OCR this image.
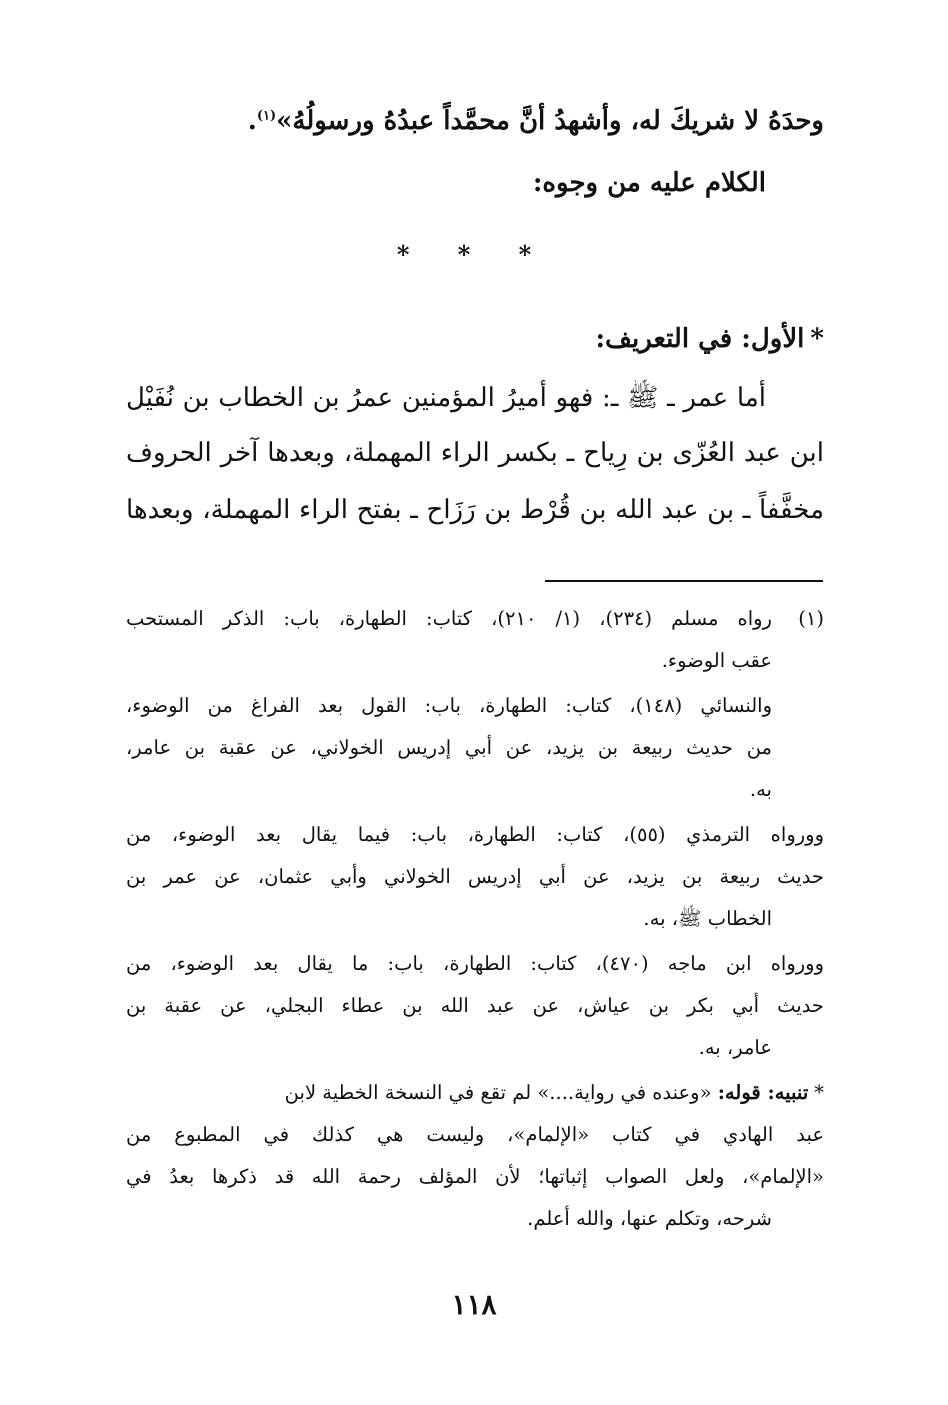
وحدَهُ لا شريكَ له، وأشهدُ أنَّ محمَّداً عبدُهُ ورسولُهُ»$^{(١)}$.
الكلام عليه من وجوه:
* * *
*الأول: في التعريف:
أما عمر ـ ﷺ ـ: فهو أميرُ المؤمنين عمرُ بن الخطاب بن نُفَيْل
ابن عبد العُزّى بن رِياح ـ بكسر الراء المهملة، وبعدها آخر الحروف
مخفَّفاً ـ بن عبد الله بن قُرْط بن رَزَاح ـ بفتح الراء المهملة، وبعدها
(١)
رواه مسلم (٢٣٤)، (١/ ٢١٠)، كتاب: الطهارة، باب: الذكر المستحب
عقب الوضوء.
والنسائي (١٤٨)، كتاب: الطهارة، باب: القول بعد الفراغ من الوضوء،
من حديث ربيعة بن يزيد، عن أبي إدريس الخولاني، عن عقبة بن عامر،
به.
وورواه الترمذي (٥٥)، كتاب: الطهارة، باب: فيما يقال بعد الوضوء، من
حديث ربيعة بن يزيد، عن أبي إدريس الخولاني وأبي عثمان، عن عمر بن
الخطاب ﷺ، به.
وورواه ابن ماجه (٤٧٠)، كتاب: الطهارة، باب: ما يقال بعد الوضوء، من
حديث أبي بكر بن عياش، عن عبد الله بن عطاء البجلي، عن عقبة بن
عامر، به.
*تنبيه: قوله: «وعنده في رواية....» لم تقع في النسخة الخطية لابن
عبد الهادي في كتاب «الإلمام»، وليست هي كذلك في المطبوع من
«الإلمام»، ولعل الصواب إثباتها؛ لأن المؤلف رحمة الله قد ذكرها بعدُ في
شرحه، وتكلم عنها، والله أعلم.
١١٨
